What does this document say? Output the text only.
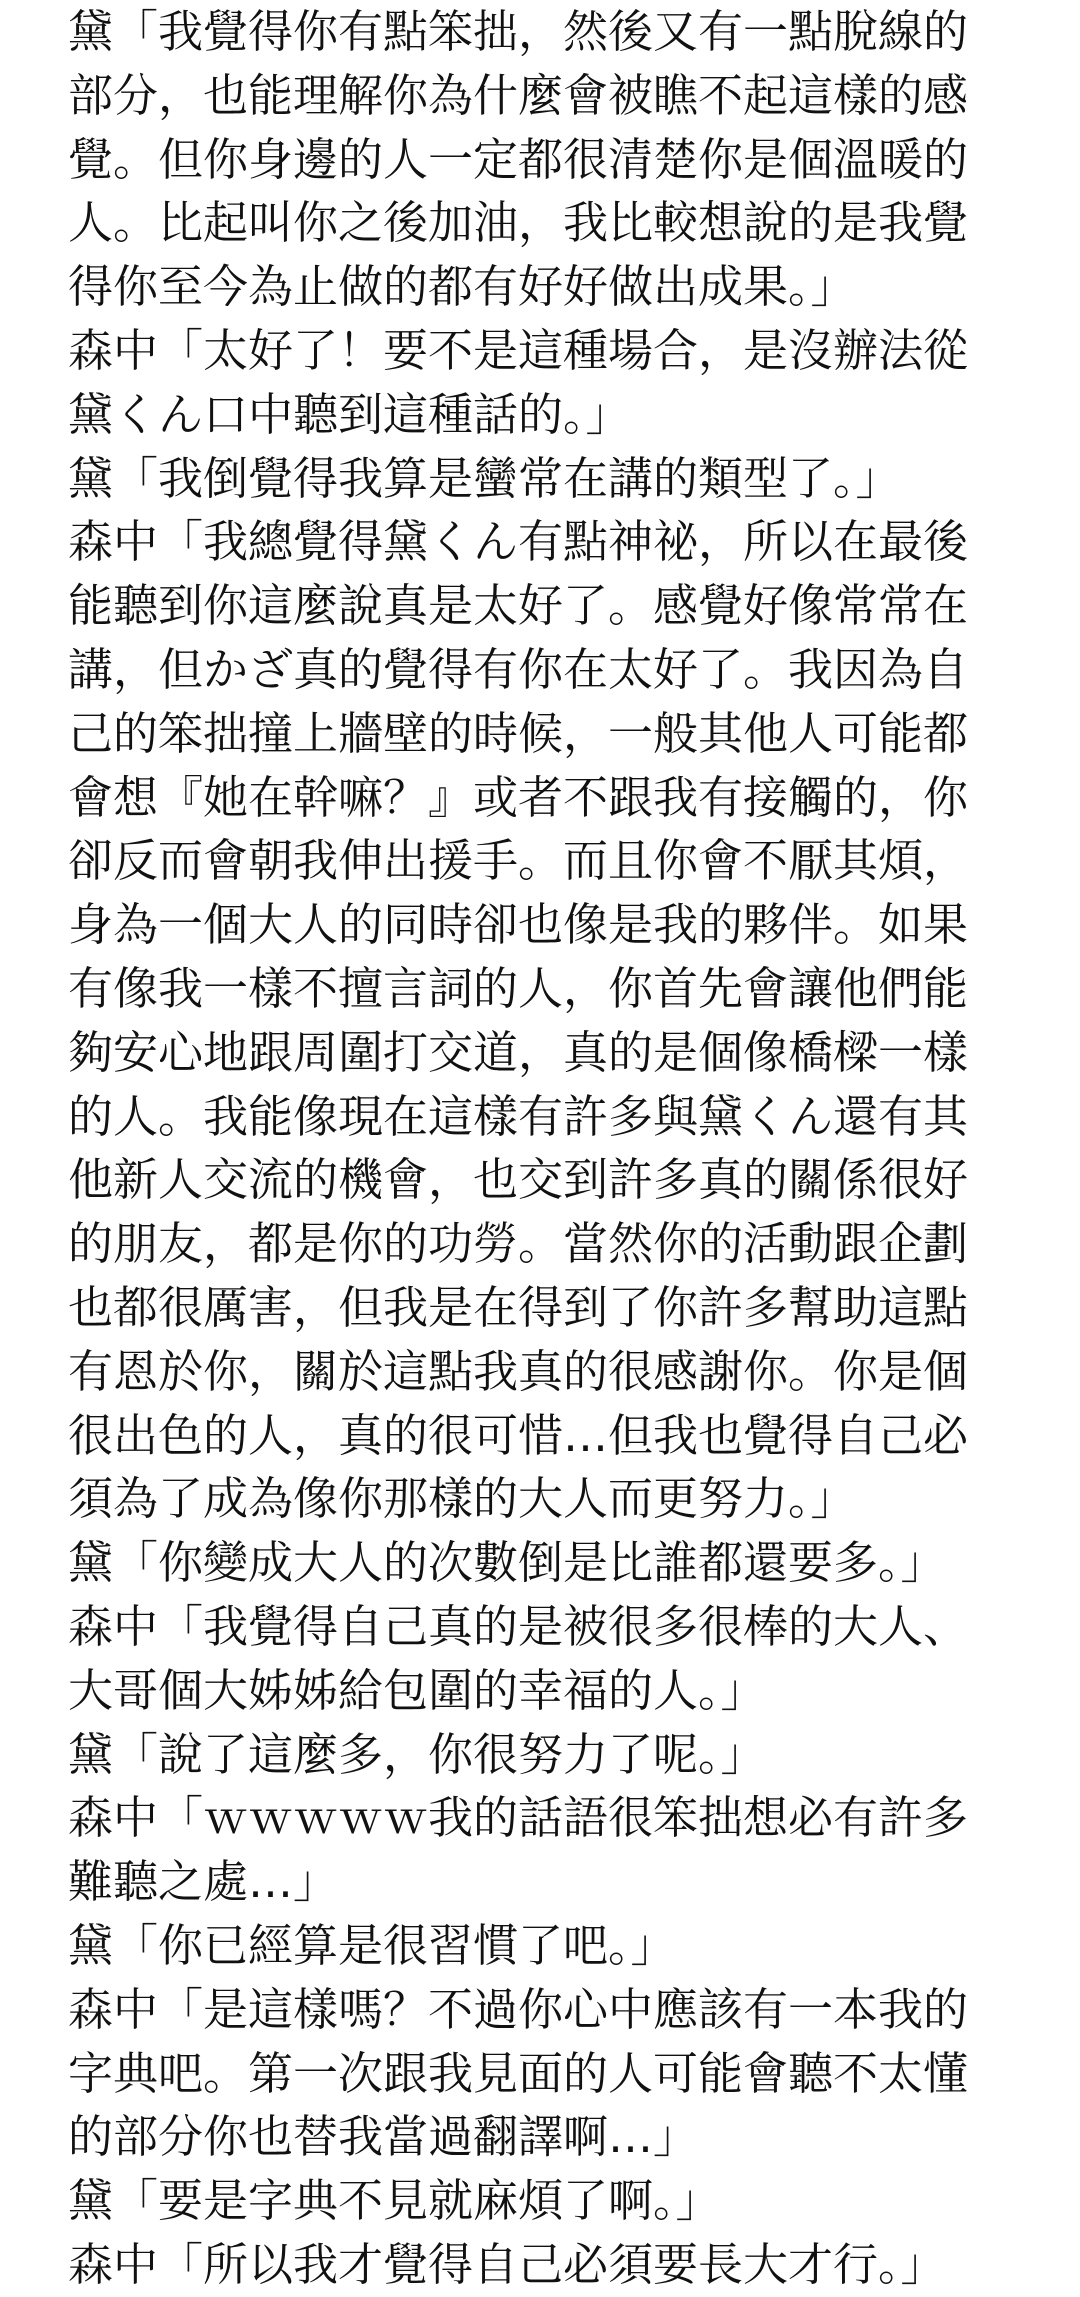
黛「我覺得你有點笨拙，然後又有一點脫線的
部分，也能理解你為什麼會被瞧不起這樣的感
覺。但你身邊的人一定都很清楚你是個溫暖的
人。比起叫你之後加油，我比較想說的是我覺
得你至今為止做的都有好好做出成果。」
森中「太好了！要不是這種場合，是沒辦法從
黛くん口中聽到這種話的。」
黛「我倒覺得我算是蠻常在講的類型了。」
森中「我總覺得黛くん有點神祕，所以在最後
能聽到你這麼說真是太好了。感覺好像常常在
講，但かざ真的覺得有你在太好了。我因為自
己的笨拙撞上牆壁的時候，一般其他人可能都
會想『她在幹嘛？』或者不跟我有接觸的，你
卻反而會朝我伸出援手。而且你會不厭其煩，
身為一個大人的同時卻也像是我的夥伴。如果
有像我一樣不擅言詞的人，你首先會讓他們能
夠安心地跟周圍打交道，真的是個像橋樑一樣
的人。我能像現在這樣有許多與黛くん還有其
他新人交流的機會，也交到許多真的關係很好
的朋友，都是你的功勞。當然你的活動跟企劃
也都很厲害，但我是在得到了你許多幫助這點
有恩於你，關於這點我真的很感謝你。你是個
很出色的人，真的很可惜…但我也覺得自己必
須為了成為像你那樣的大人而更努力。」
黛「你變成大人的次數倒是比誰都還要多。」
森中「我覺得自己真的是被很多很棒的大人、
大哥個大姊姊給包圍的幸福的人。」
黛「說了這麼多，你很努力了呢。」
森中「ｗｗｗｗｗ我的話語很笨拙想必有許多
難聽之處…」
黛「你已經算是很習慣了吧。」
森中「是這樣嗎？不過你心中應該有一本我的
字典吧。第一次跟我見面的人可能會聽不太懂
的部分你也替我當過翻譯啊…」
黛「要是字典不見就麻煩了啊。」
森中「所以我才覺得自己必須要長大才行。」
